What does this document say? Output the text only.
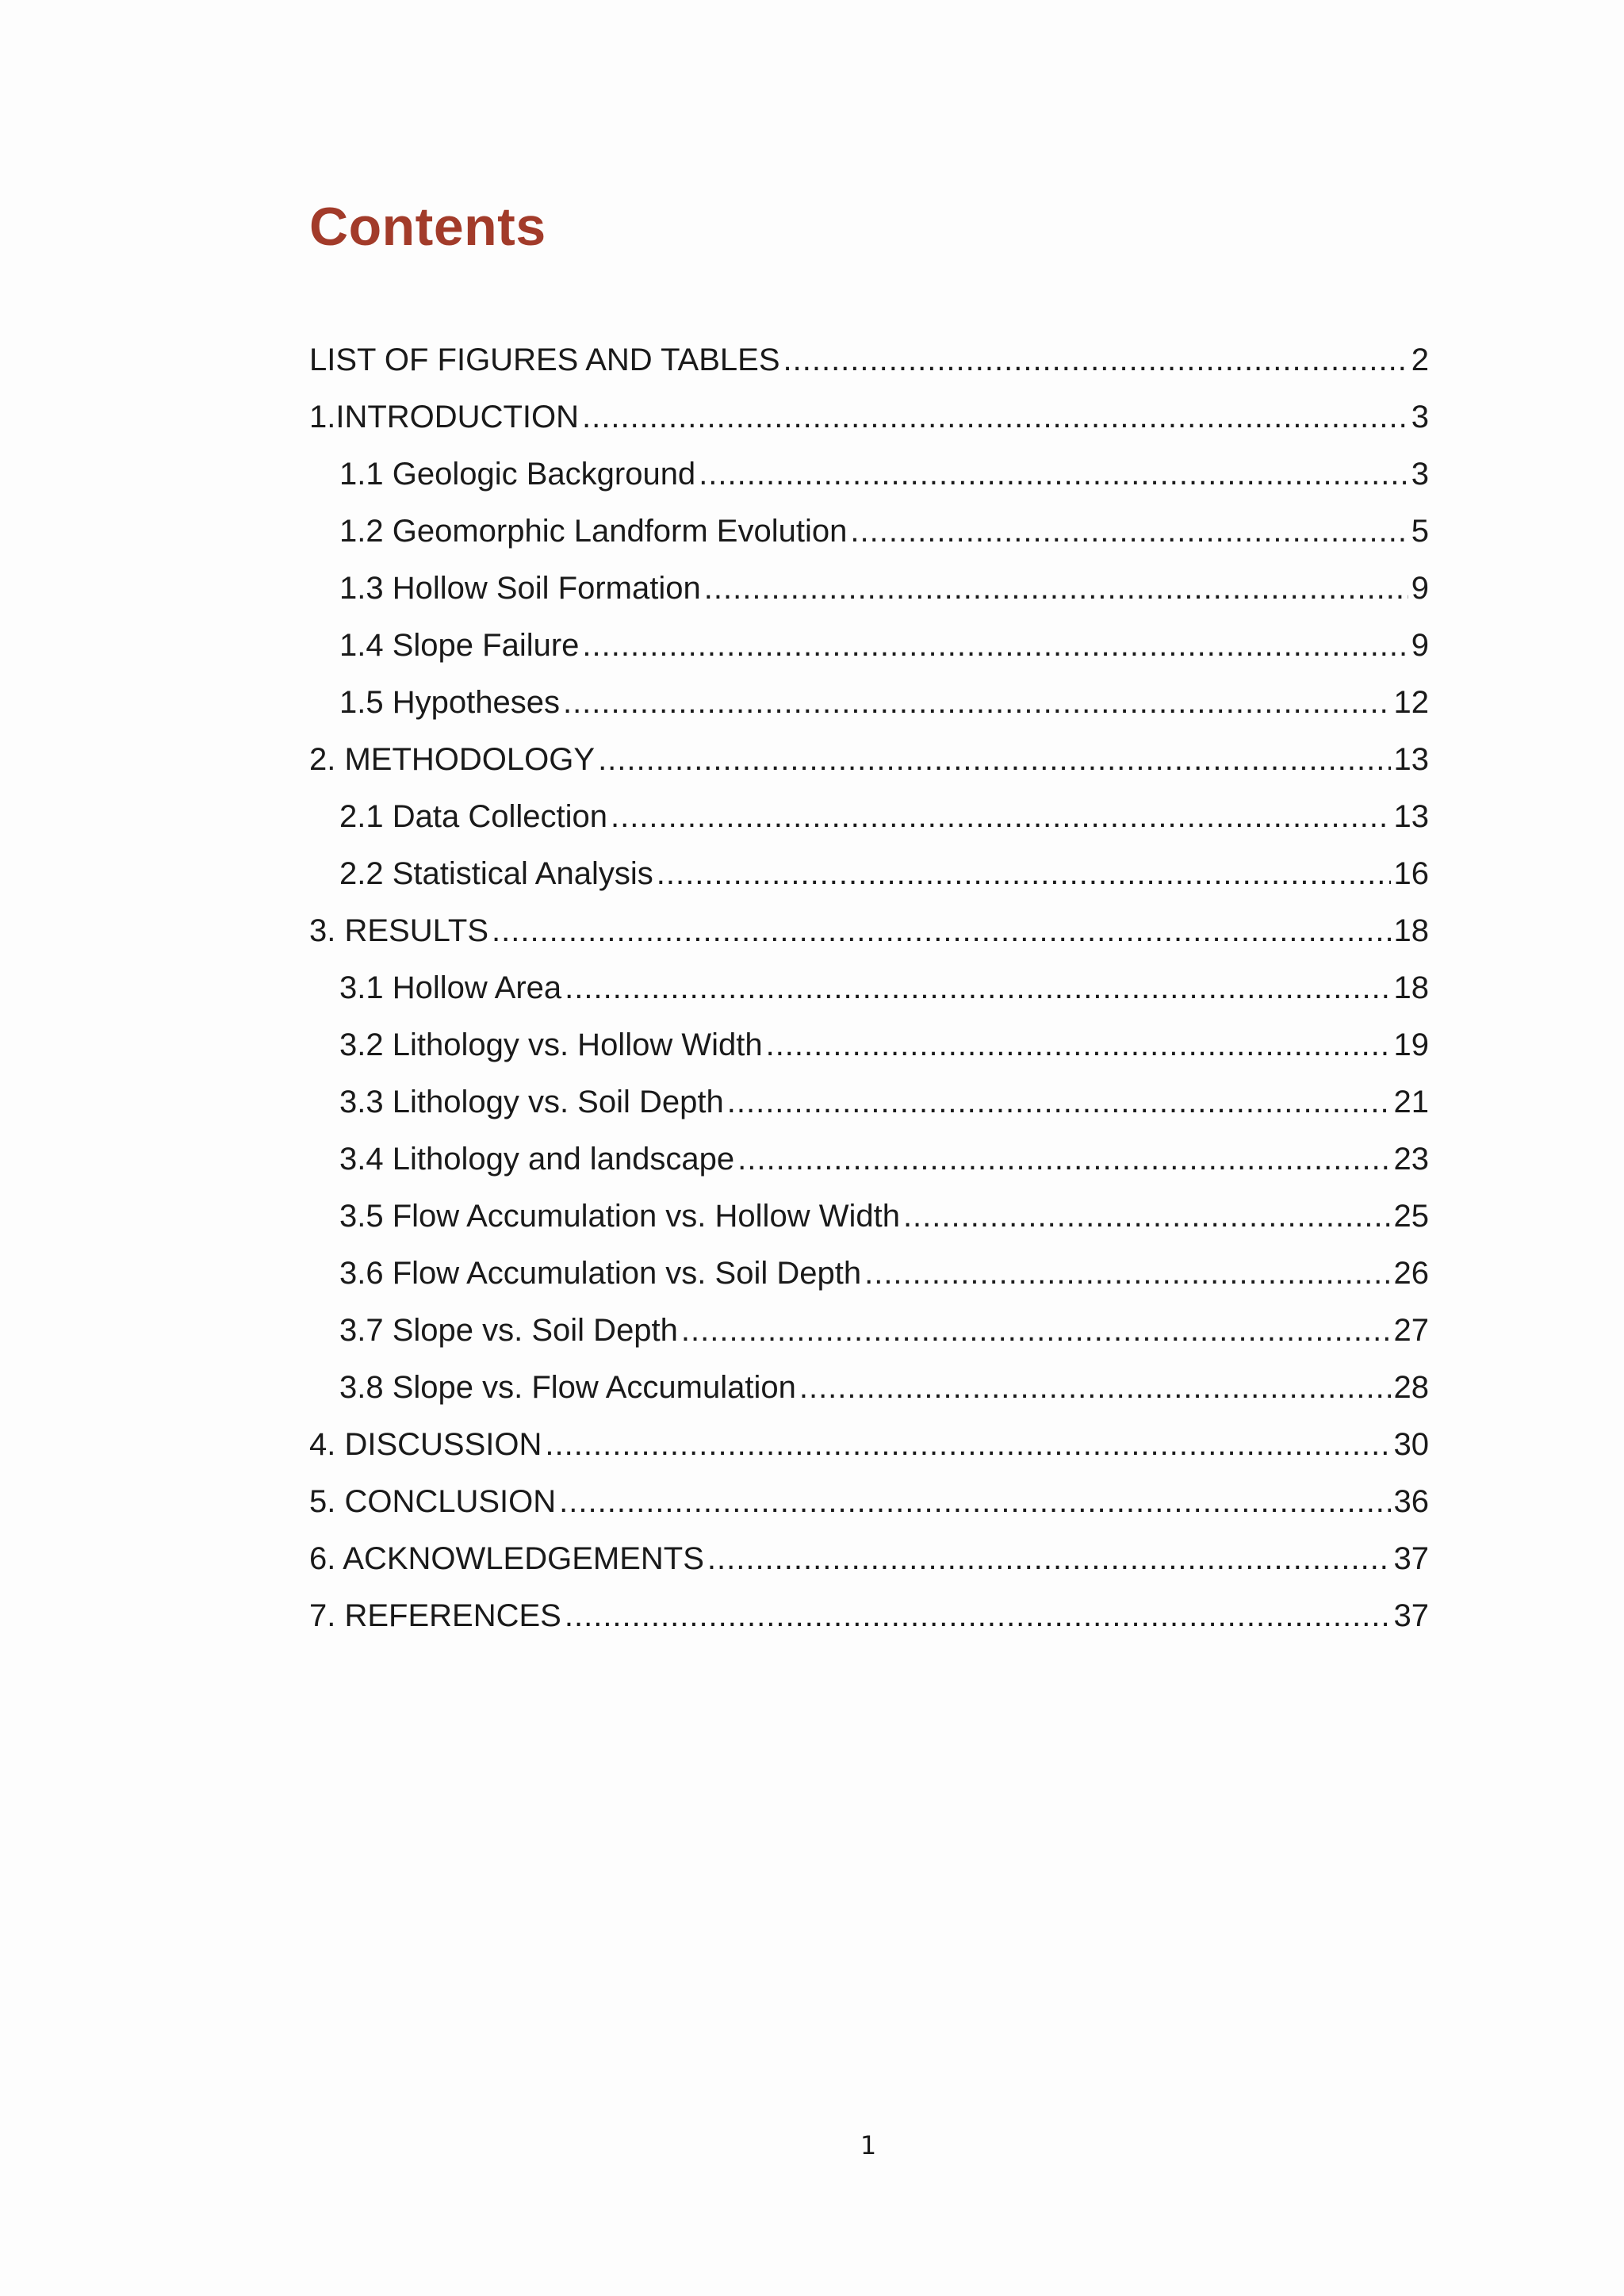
Contents
LIST OF FIGURES AND TABLES .....	2
1. INTRODUCTION .....	3
1.1 Geologic Background .....	3
1.2 Geomorphic Landform Evolution .....	5
1.3 Hollow Soil Formation .....	9
1.4 Slope Failure .....	9
1.5 Hypotheses .....	12
2. METHODOLOGY .....	13
2.1 Data Collection .....	13
2.2 Statistical Analysis .....	16
3. RESULTS .....	18
3.1 Hollow Area .....	18
3.2 Lithology vs. Hollow Width .....	19
3.3 Lithology vs. Soil Depth .....	21
3.4 Lithology and landscape .....	23
3.5 Flow Accumulation vs. Hollow Width .....	25
3.6 Flow Accumulation vs. Soil Depth .....	26
3.7 Slope vs. Soil Depth .....	27
3.8 Slope vs. Flow Accumulation .....	28
4. DISCUSSION .....	30
5. CONCLUSION .....	36
6. ACKNOWLEDGEMENTS .....	37
7. REFERENCES .....	37
1
